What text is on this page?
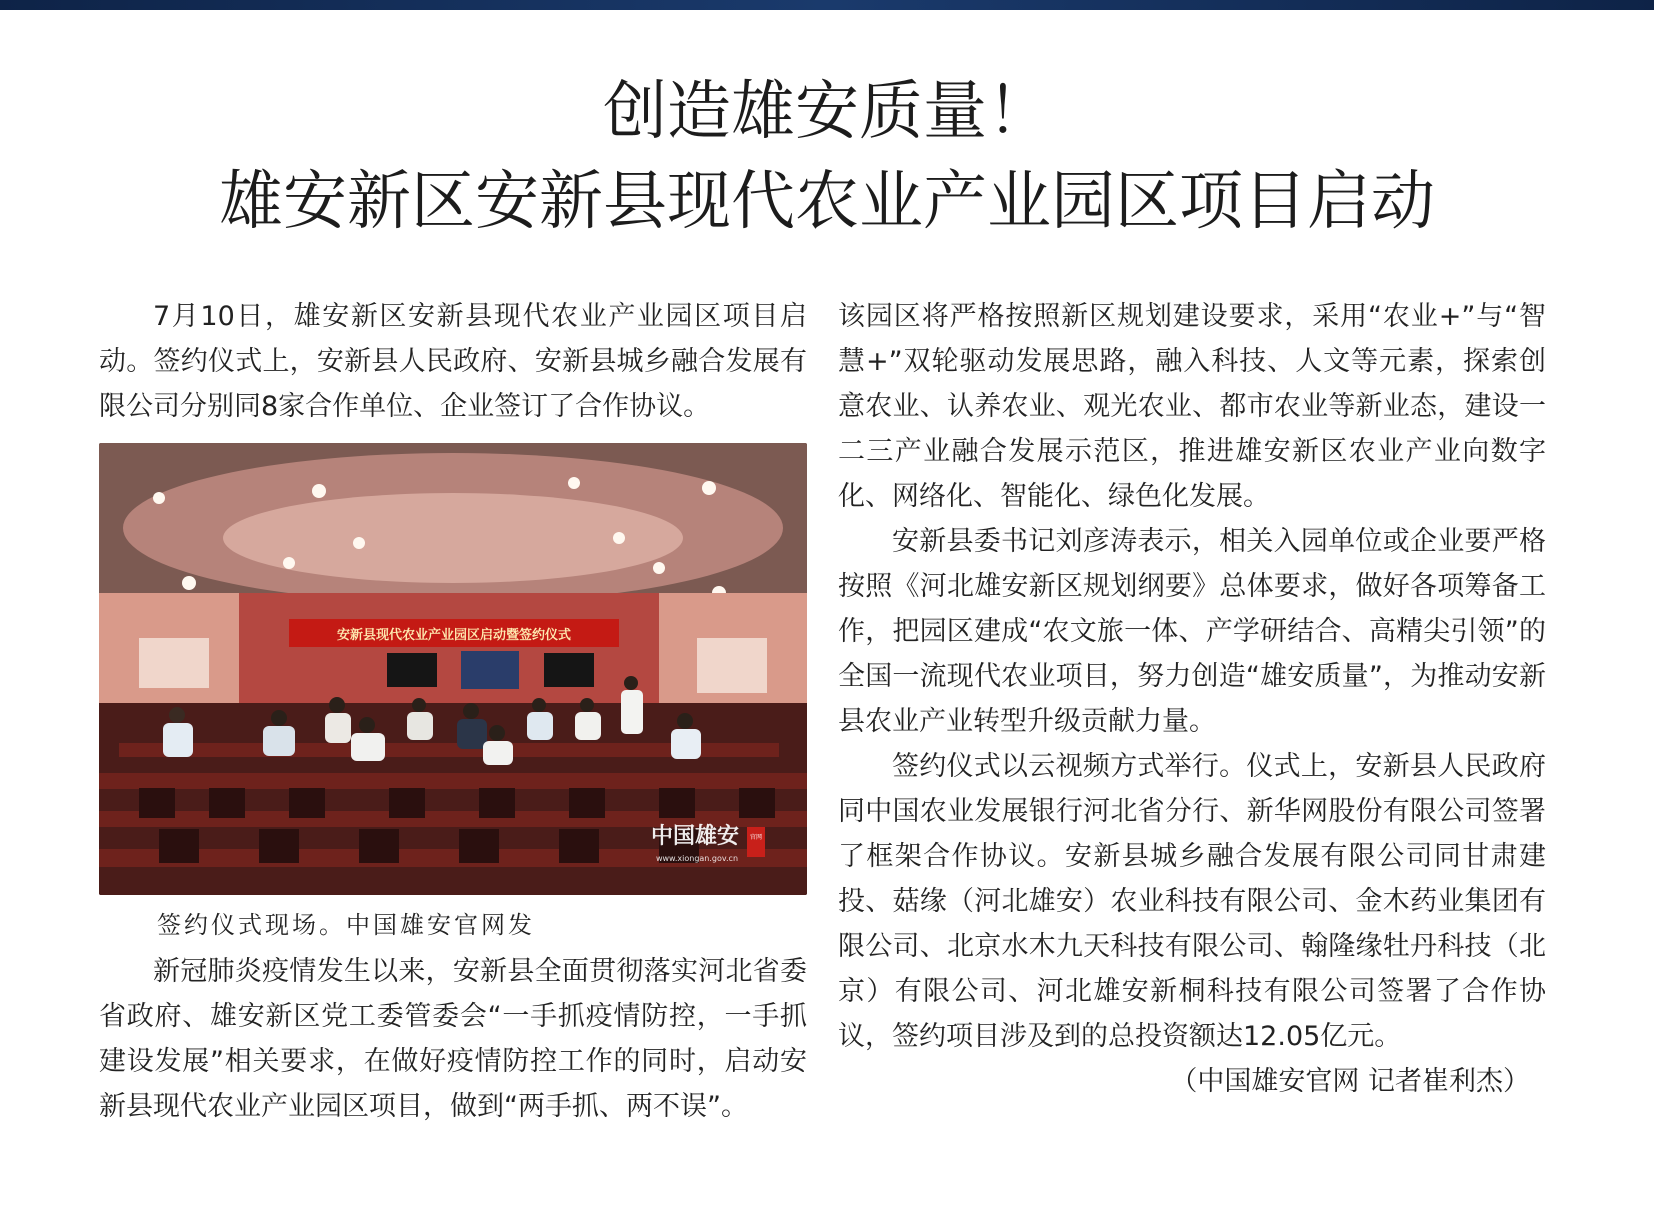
创造雄安质量！
雄安新区安新县现代农业产业园区项目启动

7月10日，雄安新区安新县现代农业产业园区项目启动。签约仪式上，安新县人民政府、安新县城乡融合发展有限公司分别同8家合作单位、企业签订了合作协议。

安新县现代农业产业园区启动暨签约仪式
中国雄安 官网
www.xiongan.gov.cn
签约仪式现场。中国雄安官网发

新冠肺炎疫情发生以来，安新县全面贯彻落实河北省委省政府、雄安新区党工委管委会“一手抓疫情防控，一手抓建设发展”相关要求，在做好疫情防控工作的同时，启动安新县现代农业产业园区项目，做到“两手抓、两不误”。

该园区将严格按照新区规划建设要求，采用“农业+”与“智慧+”双轮驱动发展思路，融入科技、人文等元素，探索创意农业、认养农业、观光农业、都市农业等新业态，建设一二三产业融合发展示范区，推进雄安新区农业产业向数字化、网络化、智能化、绿色化发展。

安新县委书记刘彦涛表示，相关入园单位或企业要严格按照《河北雄安新区规划纲要》总体要求，做好各项筹备工作，把园区建成“农文旅一体、产学研结合、高精尖引领”的全国一流现代农业项目，努力创造“雄安质量”，为推动安新县农业产业转型升级贡献力量。

签约仪式以云视频方式举行。仪式上，安新县人民政府同中国农业发展银行河北省分行、新华网股份有限公司签署了框架合作协议。安新县城乡融合发展有限公司同甘肃建投、菇缘（河北雄安）农业科技有限公司、金木药业集团有限公司、北京水木九天科技有限公司、翰隆缘牡丹科技（北京）有限公司、河北雄安新桐科技有限公司签署了合作协议，签约项目涉及到的总投资额达12.05亿元。

（中国雄安官网 记者崔利杰）
